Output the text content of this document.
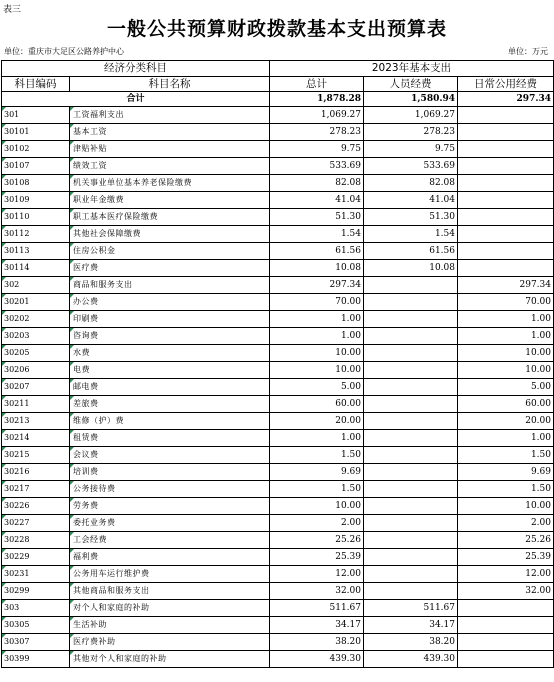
表三
一般公共预算财政拨款基本支出预算表
单位：重庆市大足区公路养护中心	单位：万元
经济分类科目		2023年基本支出		
科目编码	科目名称	总计	人员经费	日常公用经费
合计		1,878.28	1,580.94	297.34
301	工资福利支出	1,069.27	1,069.27	
30101	基本工资	278.23	278.23	
30102	津贴补贴	9.75	9.75	
30107	绩效工资	533.69	533.69	
30108	机关事业单位基本养老保险缴费	82.08	82.08	
30109	职业年金缴费	41.04	41.04	
30110	职工基本医疗保险缴费	51.30	51.30	
30112	其他社会保障缴费	1.54	1.54	
30113	住房公积金	61.56	61.56	
30114	医疗费	10.08	10.08	
302	商品和服务支出	297.34		297.34
30201	办公费	70.00		70.00
30202	印刷费	1.00		1.00
30203	咨询费	1.00		1.00
30205	水费	10.00		10.00
30206	电费	10.00		10.00
30207	邮电费	5.00		5.00
30211	差旅费	60.00		60.00
30213	维修（护）费	20.00		20.00
30214	租赁费	1.00		1.00
30215	会议费	1.50		1.50
30216	培训费	9.69		9.69
30217	公务接待费	1.50		1.50
30226	劳务费	10.00		10.00
30227	委托业务费	2.00		2.00
30228	工会经费	25.26		25.26
30229	福利费	25.39		25.39
30231	公务用车运行维护费	12.00		12.00
30299	其他商品和服务支出	32.00		32.00
303	对个人和家庭的补助	511.67	511.67	
30305	生活补助	34.17	34.17	
30307	医疗费补助	38.20	38.20	
30399	其他对个人和家庭的补助	439.30	439.30	
